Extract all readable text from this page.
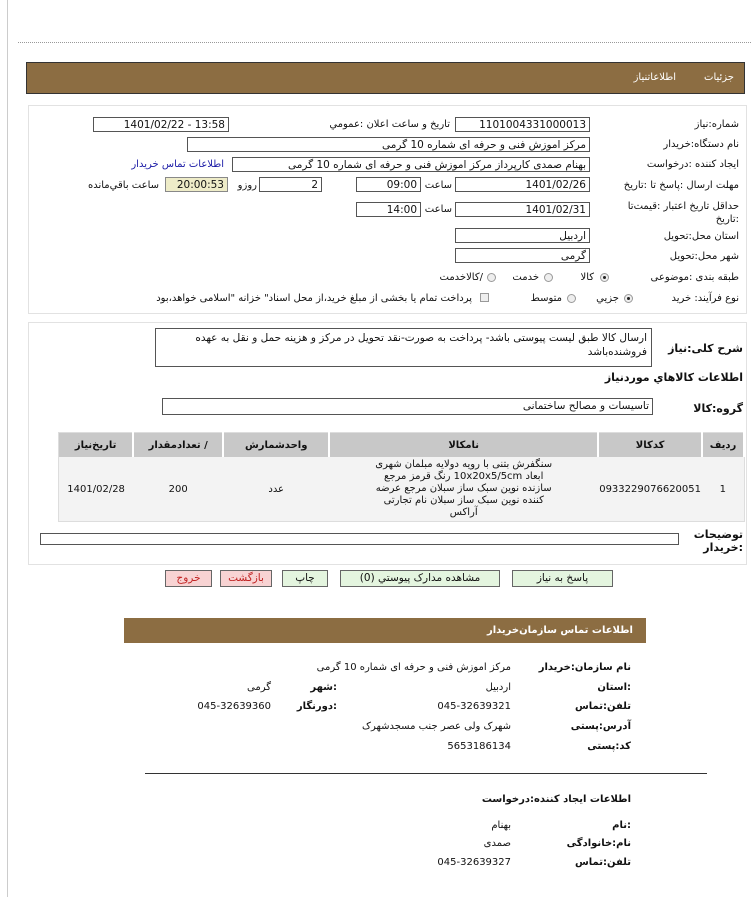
جزئیات
اطلاعاتنیاز
شماره:نیاز
1101004331000013
تاریخ و ساعت اعلان :عمومي
1401/02/22 - 13:58
نام دستگاه:خریدار
مرکز اموزش فنی و حرفه ای شماره 10 گرمی
ایجاد کننده :درخواست
بهنام صمدی کارپرداز مرکز اموزش فنی و حرفه ای شماره 10 گرمی
اطلاعات تماس خریدار
مهلت ارسال :پاسخ تا :تاریخ
1401/02/26
ساعت
09:00
2
روزو
20:00:53
ساعت باقي‌مانده
حداقل تاریخ اعتبار :قیمت‌تا
:تاریخ
1401/02/31
ساعت
14:00
استان محل:تحویل
اردبیل
شهر محل:تحویل
گرمی
طبقه بندی :موضوعی
کالا
خدمت
/کالاخدمت
نوع فرآیند: خرید
جزیي
متوسط
پرداخت تمام یا بخشی از مبلغ خرید،از محل اسناد" خزانه "اسلامی خواهد،بود
شرح کلی:نیاز
ارسال کالا طبق لیست پیوستی باشد- پرداخت به صورت-نقد تحویل در مرکز و هزینه حمل و نقل به عهده فروشنده‌باشد
اطلاعات کالاهاي موردنیاز
گروه:کالا
تاسیسات و مصالح ساختمانی
ردیف	کدکالا	نامکالا	واحدشمارش	/ تعدادمقدار	تاریخ‌نیاز
1	0933229076620051	سنگفرش بتنی با رویه دولایه مبلمان شهری ابعاد 10x20x5/5cm رنگ قرمز مرجع سازنده نوین سبک ساز سبلان مرجع عرضه کننده نوین سبک ساز سبلان نام تجارتی آراکس	عدد	200	1401/02/28
توضیحات :خریدار
پاسخ به نیاز
مشاهده مدارک پیوستي (0)
چاپ
بازگشت
خروج
اطلاعات تماس سازمان‌خریدار
نام سازمان:خریدار
مرکز اموزش فنی و حرفه ای شماره 10 گرمی
:استان
اردبیل
:شهر
گرمی
تلفن:تماس
045-32639321
:دورنگار
045-32639360
آدرس:پستی
شهرک ولی عصر جنب مسجدشهرک
کد:پستی
5653186134
اطلاعات ایجاد کننده:درخواست
:نام
بهنام
نام:خانوادگی
صمدی
تلفن:تماس
045-32639327
